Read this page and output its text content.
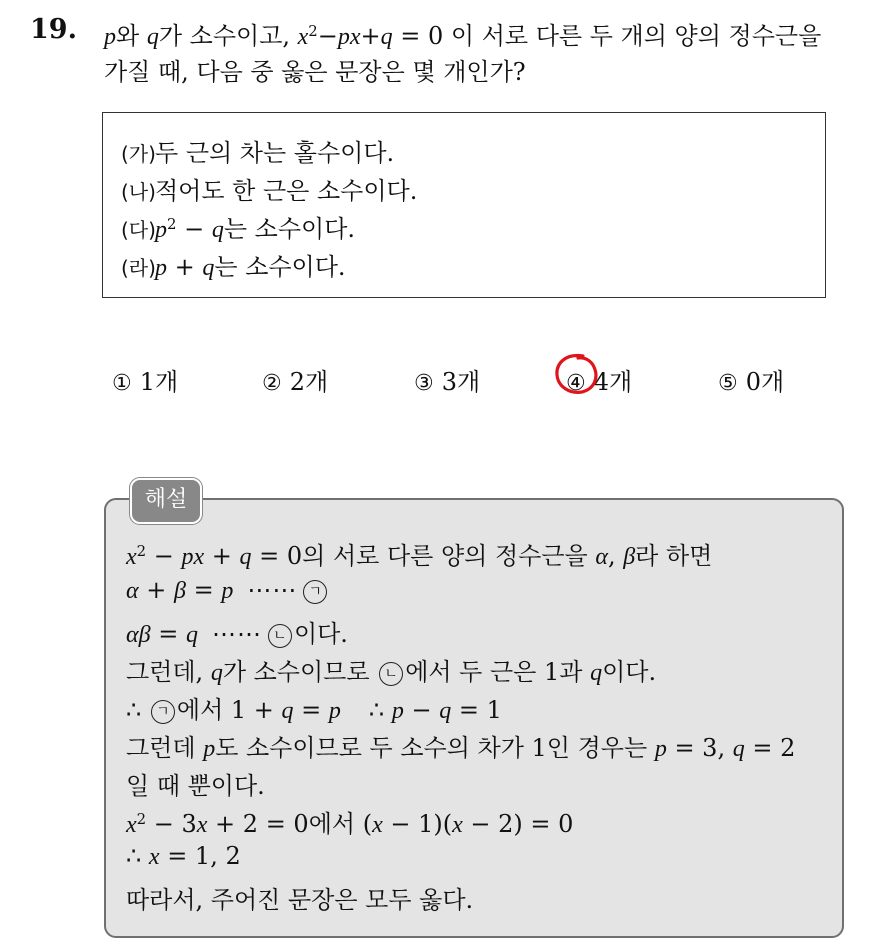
19. p와 q가 소수이고, $x^2-px+q = 0$ 이 서로 다른 두 개의 양의 정수근을
가질 때, 다음 중 옳은 문장은 몇 개인가?
(가)두 근의 차는 홀수이다.
(나)적어도 한 근은 소수이다.
(다)$p^2 - q$는 소수이다.
(라)p + q는 소수이다.
① 1개	② 2개	③ 3개	④ 4개	⑤ 0개
해설
$x^2$ − px + q = 0의 서로 다른 양의 정수근을 α, β라 하면
α + β = p ⋯⋯ ㄱ
αβ = q ⋯⋯ ㄴ 이다.
그런데, q가 소수이므로 ㄴ 에서 두 근은 1과 q이다.
∴ ㄱ 에서 1 + q = p ∴ p − q = 1
그런데 p도 소수이므로 두 소수의 차가 1인 경우는 p = 3, q = 2
일 때 뿐이다.
$x^2 - 3x + 2 = 0$에서 (x − 1)(x − 2) = 0
∴ x = 1, 2
따라서, 주어진 문장은 모두 옳다.
